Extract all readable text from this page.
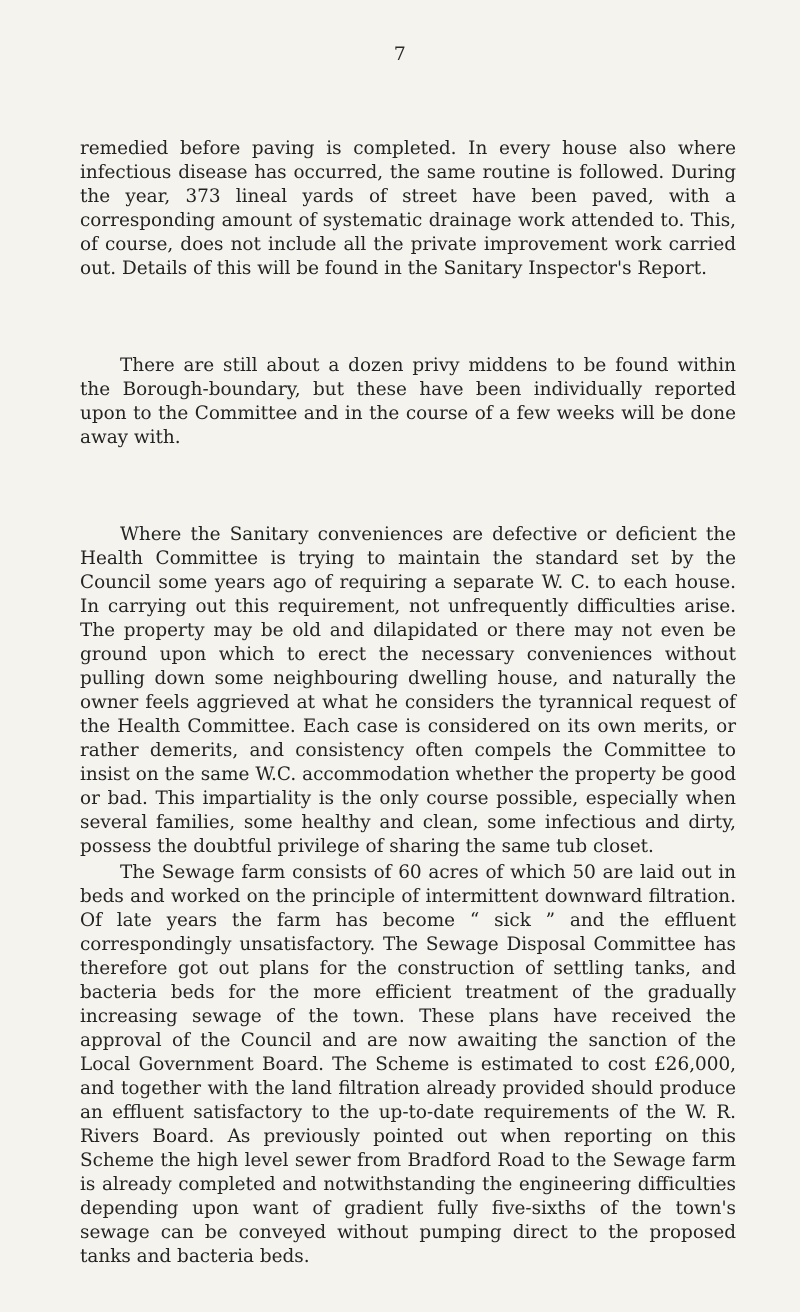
7

remedied before paving is completed. In every house also where infectious disease has occurred, the same routine is followed. During the year, 373 lineal yards of street have been paved, with a corresponding amount of systematic drainage work attended to. This, of course, does not include all the private improvement work carried out. Details of this will be found in the Sanitary Inspector's Report.

There are still about a dozen privy middens to be found within the Borough-boundary, but these have been individually reported upon to the Committee and in the course of a few weeks will be done away with.

Where the Sanitary conveniences are defective or deficient the Health Committee is trying to maintain the standard set by the Council some years ago of requiring a separate W. C. to each house. In carrying out this requirement, not unfrequently difficulties arise. The property may be old and dilapidated or there may not even be ground upon which to erect the necessary conveniences without pulling down some neighbouring dwelling house, and naturally the owner feels aggrieved at what he considers the tyrannical request of the Health Committee. Each case is considered on its own merits, or rather demerits, and consistency often compels the Committee to insist on the same W.C. accommodation whether the property be good or bad. This impartiality is the only course possible, especially when several families, some healthy and clean, some infectious and dirty, possess the doubtful privilege of sharing the same tub closet.

The Sewage farm consists of 60 acres of which 50 are laid out in beds and worked on the principle of intermittent downward filtration. Of late years the farm has become “ sick ” and the effluent correspondingly unsatisfactory. The Sewage Disposal Committee has therefore got out plans for the construction of settling tanks, and bacteria beds for the more efficient treatment of the gradually increasing sewage of the town. These plans have received the approval of the Council and are now awaiting the sanction of the Local Government Board. The Scheme is estimated to cost £26,000, and together with the land filtration already provided should produce an effluent satisfactory to the up-to-date requirements of the W. R. Rivers Board. As previously pointed out when reporting on this Scheme the high level sewer from Bradford Road to the Sewage farm is already completed and notwithstanding the engineering difficulties depending upon want of gradient fully five-sixths of the town's sewage can be conveyed without pumping direct to the proposed tanks and bacteria beds.
